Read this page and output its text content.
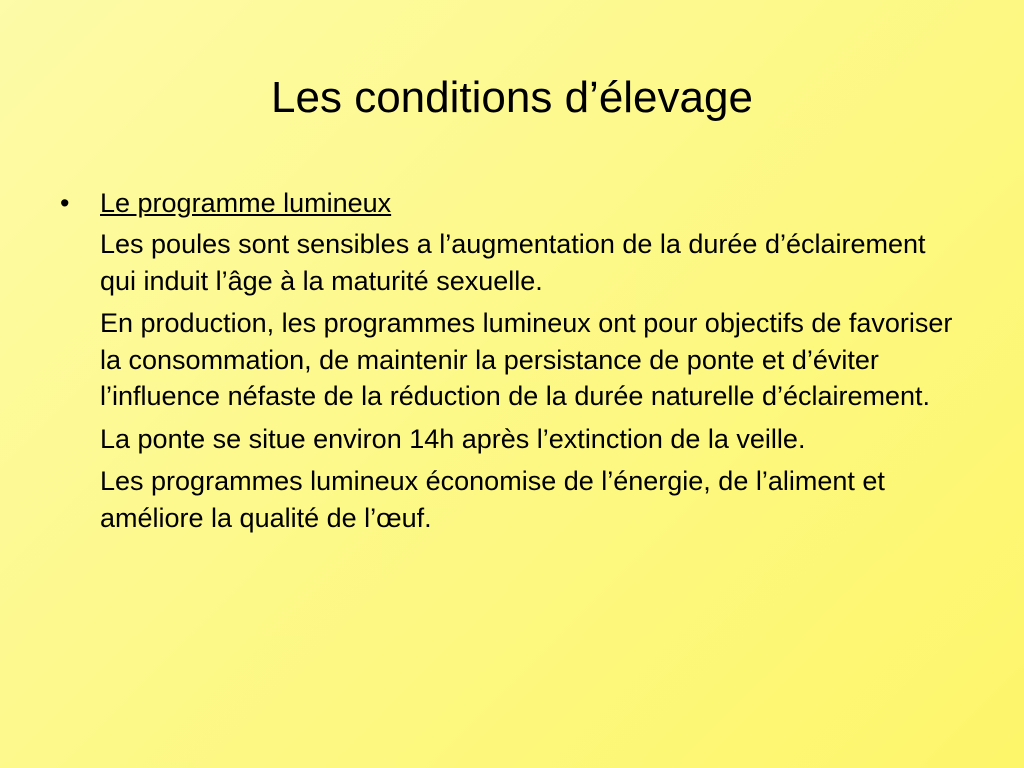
Les conditions d’élevage
• Le programme lumineux
Les poules sont sensibles a l’augmentation de la durée d’éclairement qui induit l’âge à la maturité sexuelle.
En production, les programmes lumineux ont pour objectifs de favoriser la consommation, de maintenir la persistance de ponte et d’éviter l’influence néfaste de la réduction de la durée naturelle d’éclairement.
La ponte se situe environ 14h après l’extinction de la veille.
Les programmes lumineux économise de l’énergie, de l’aliment et améliore la qualité de l’œuf.
